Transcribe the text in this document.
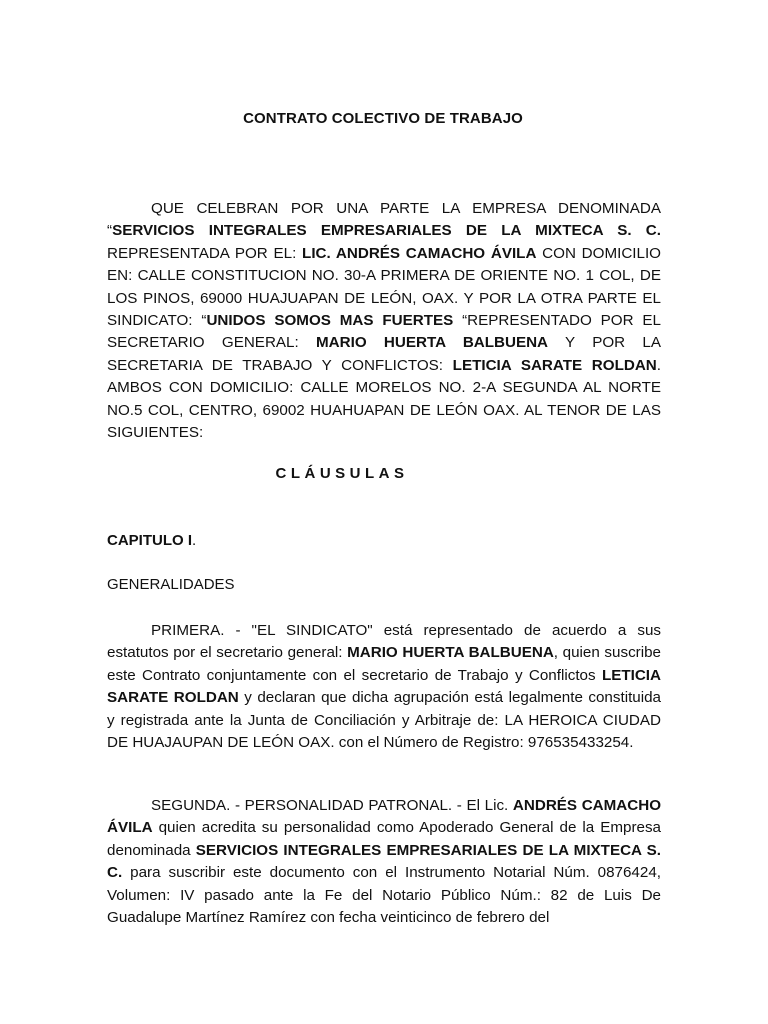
CONTRATO COLECTIVO DE TRABAJO

QUE CELEBRAN POR UNA PARTE LA EMPRESA DENOMINADA “SERVICIOS INTEGRALES EMPRESARIALES DE LA MIXTECA S. C. REPRESENTADA POR EL: LIC. ANDRÉS CAMACHO ÁVILA CON DOMICILIO EN: CALLE CONSTITUCION NO. 30-A PRIMERA DE ORIENTE NO. 1 COL, DE LOS PINOS, 69000 HUAJUAPAN DE LEÓN, OAX. Y POR LA OTRA PARTE EL SINDICATO: “UNIDOS SOMOS MAS FUERTES “REPRESENTADO POR EL SECRETARIO GENERAL: MARIO HUERTA BALBUENA Y POR LA SECRETARIA DE TRABAJO Y CONFLICTOS: LETICIA SARATE ROLDAN. AMBOS CON DOMICILIO: CALLE MORELOS NO. 2-A SEGUNDA AL NORTE NO.5 COL, CENTRO, 69002 HUAHUAPAN DE LEÓN OAX. AL TENOR DE LAS SIGUIENTES:

CLÁUSULAS
CAPITULO I.
GENERALIDADES

PRIMERA. - "EL SINDICATO" está representado de acuerdo a sus estatutos por el secretario general: MARIO HUERTA BALBUENA, quien suscribe este Contrato conjuntamente con el secretario de Trabajo y Conflictos LETICIA SARATE ROLDAN y declaran que dicha agrupación está legalmente constituida y registrada ante la Junta de Conciliación y Arbitraje de: LA HEROICA CIUDAD DE HUAJAUPAN DE LEÓN OAX. con el Número de Registro: 976535433254.

SEGUNDA. - PERSONALIDAD PATRONAL. - El Lic. ANDRÉS CAMACHO ÁVILA quien acredita su personalidad como Apoderado General de la Empresa denominada SERVICIOS INTEGRALES EMPRESARIALES DE LA MIXTECA S. C. para suscribir este documento con el Instrumento Notarial Núm. 0876424, Volumen: IV pasado ante la Fe del Notario Público Núm.: 82 de Luis De Guadalupe Martínez Ramírez con fecha veinticinco de febrero del
